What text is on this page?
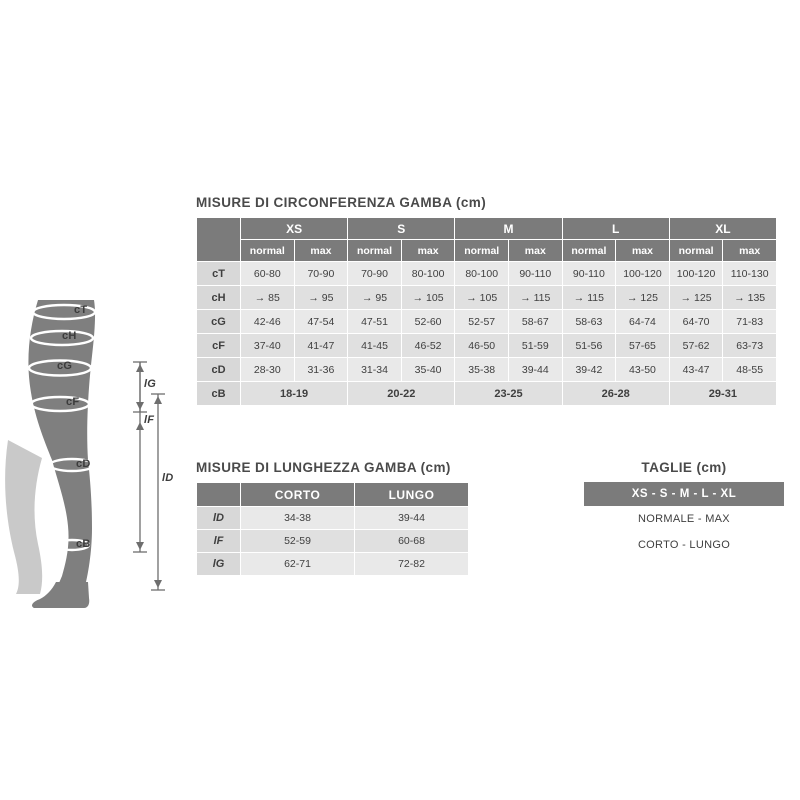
cT
cH
cG
cF
cD
cB
lG
lF
lD
MISURE DI CIRCONFERENZA GAMBA (cm)
	XS		S		M		L		XL	
	normal	max	normal	max	normal	max	normal	max	normal	max
cT	60-80	70-90	70-90	80-100	80-100	90-110	90-110	100-120	100-120	110-130
cH	→ 85	→ 95	→ 95	→ 105	→ 105	→ 115	→ 115	→ 125	→ 125	→ 135
cG	42-46	47-54	47-51	52-60	52-57	58-67	58-63	64-74	64-70	71-83
cF	37-40	41-47	41-45	46-52	46-50	51-59	51-56	57-65	57-62	63-73
cD	28-30	31-36	31-34	35-40	35-38	39-44	39-42	43-50	43-47	48-55
cB	18-19		20-22		23-25		26-28		29-31	
MISURE DI LUNGHEZZA GAMBA (cm)
	CORTO	LUNGO
lD	34-38	39-44
lF	52-59	60-68
lG	62-71	72-82
TAGLIE (cm)
XS - S - M - L - XL
NORMALE - MAX
CORTO - LUNGO
